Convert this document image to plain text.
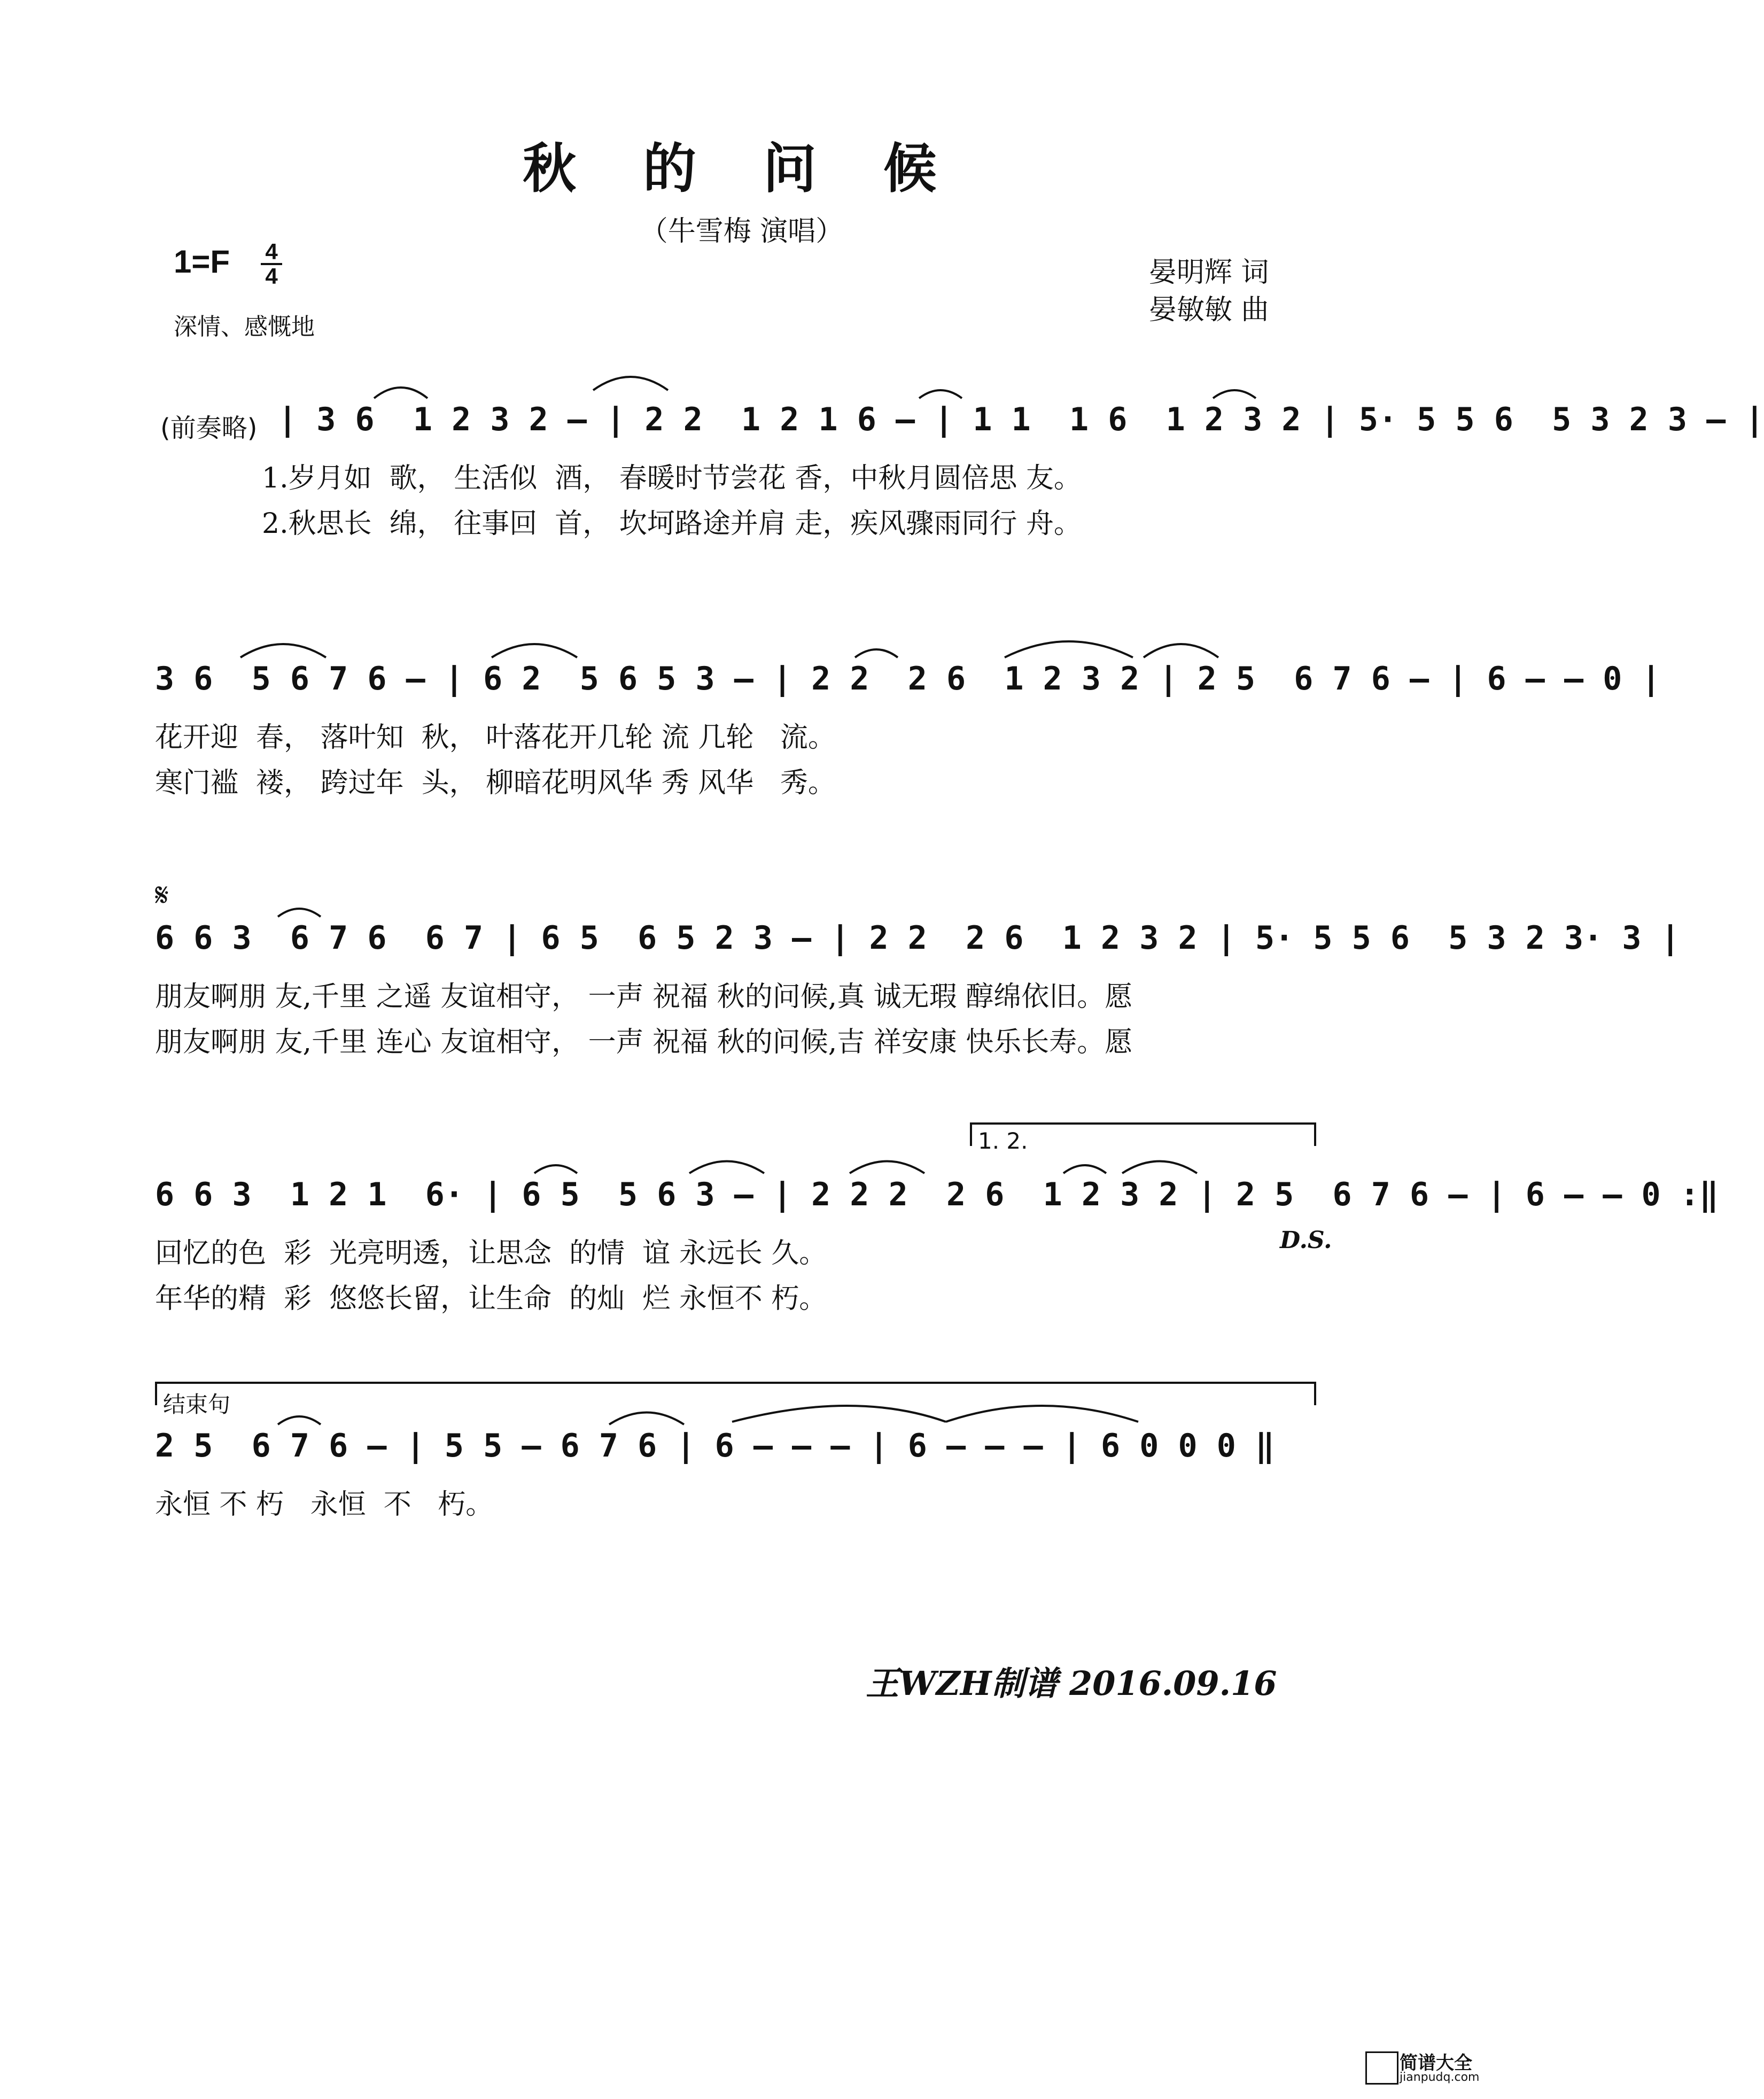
秋 的 问 候
（牛雪梅 演唱）
1=F 4
4
深情、感慨地
晏明辉 词
晏敏敏 曲
(前奏略) | 3 6  1 2 3 2 – | 2 2  1 2 1 6 – | 1 1  1 6  1 2 3 2 | 5· 5 5 6  5 3 2 3 – |
1.岁月如  歌， 生活似  酒， 春暖时节尝花 香，中秋月圆倍思 友。
2.秋思长  绵， 往事回  首， 坎坷路途并肩 走，疾风骤雨同行 舟。
3 6  5 6 7 6 – | 6 2  5 6 5 3 – | 2 2  2 6  1 2 3 2 | 2 5  6 7 6 – | 6 – – 0 |
花开迎  春， 落叶知  秋， 叶落花开几轮 流 几轮   流。
寒门褴  褛， 跨过年  头， 柳暗花明风华 秀 风华   秀。
𝄋
6 6 3  6 7 6  6 7 | 6 5  6 5 2 3 – | 2 2  2 6  1 2 3 2 | 5· 5 5 6  5 3 2 3· 3 |
朋友啊朋 友,千里 之遥 友谊相守， 一声 祝福 秋的问候,真 诚无瑕 醇绵依旧。愿
朋友啊朋 友,千里 连心 友谊相守， 一声 祝福 秋的问候,吉 祥安康 快乐长寿。愿
1. 2.
6 6 3  1 2 1  6· | 6 5  5 6 3 – | 2 2 2  2 6  1 2 3 2 | 2 5  6 7 6 – | 6 – – 0 :‖
D.S.
回忆的色  彩  光亮明透，让思念  的情  谊 永远长 久。
年华的精  彩  悠悠长留，让生命  的灿  烂 永恒不 朽。
结束句
2 5  6 7 6 – | 5 5 – 6 7 6 | 6 – – – | 6 – – – | 6 0 0 0 ‖
永恒 不 朽   永恒  不   朽。
王WZH制谱 2016.09.16
简谱大全
jianpudq.com
